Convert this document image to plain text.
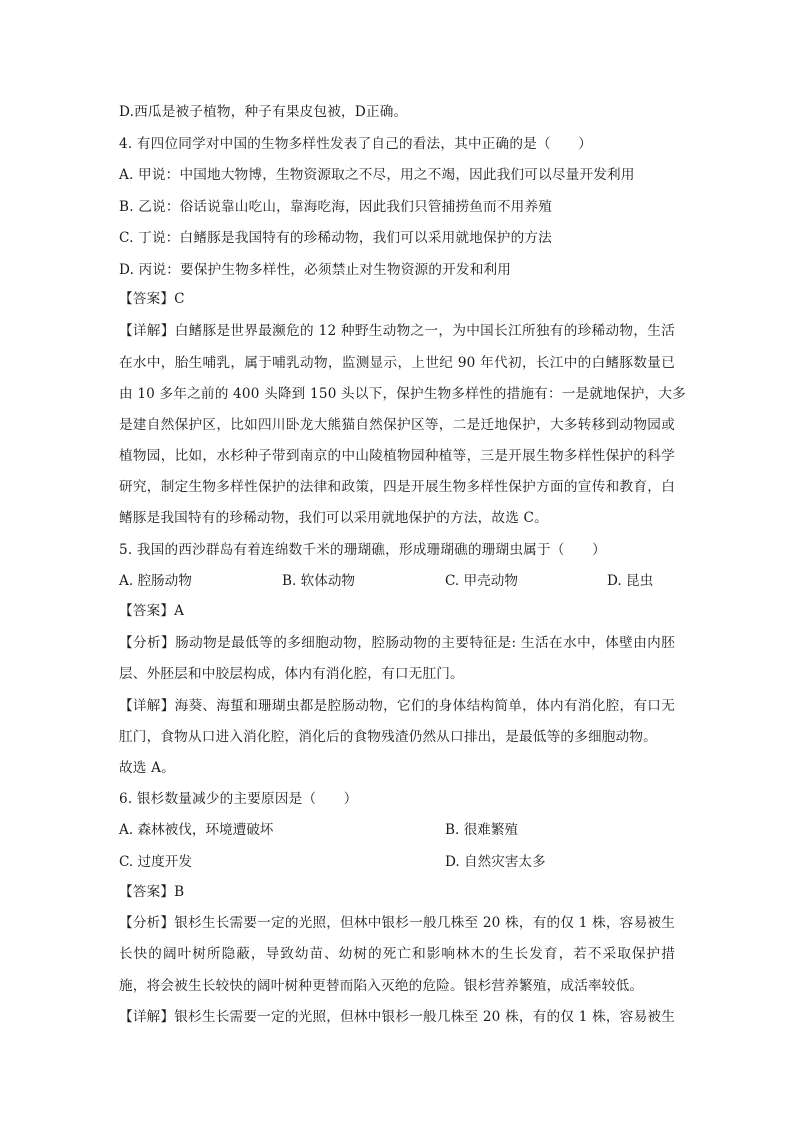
D.西瓜是被子植物，种子有果皮包被，D正确。
4. 有四位同学对中国的生物多样性发表了自己的看法，其中正确的是（　　）
A. 甲说：中国地大物博，生物资源取之不尽，用之不竭，因此我们可以尽量开发利用
B. 乙说：俗话说靠山吃山，靠海吃海，因此我们只管捕捞鱼而不用养殖
C. 丁说：白鳍豚是我国特有的珍稀动物，我们可以采用就地保护的方法
D. 丙说：要保护生物多样性，必须禁止对生物资源的开发和利用
【答案】C
【详解】白鳍豚是世界最濒危的 12 种野生动物之一，为中国长江所独有的珍稀动物，生活
在水中，胎生哺乳，属于哺乳动物，监测显示，上世纪 90 年代初，长江中的白鳍豚数量已
由 10 多年之前的 400 头降到 150 头以下，保护生物多样性的措施有：一是就地保护，大多
是建自然保护区，比如四川卧龙大熊猫自然保护区等，二是迁地保护，大多转移到动物园或
植物园，比如，水杉种子带到南京的中山陵植物园种植等，三是开展生物多样性保护的科学
研究，制定生物多样性保护的法律和政策，四是开展生物多样性保护方面的宣传和教育，白
鳍豚是我国特有的珍稀动物，我们可以采用就地保护的方法，故选 C。
5. 我国的西沙群岛有着连绵数千米的珊瑚礁，形成珊瑚礁的珊瑚虫属于（　　）
A. 腔肠动物	B. 软体动物	C. 甲壳动物	D. 昆虫
【答案】A
【分析】肠动物是最低等的多细胞动物，腔肠动物的主要特征是: 生活在水中，体壁由内胚
层、外胚层和中胶层构成，体内有消化腔，有口无肛门。
【详解】海葵、海蜇和珊瑚虫都是腔肠动物，它们的身体结构简单，体内有消化腔，有口无
肛门，食物从口进入消化腔，消化后的食物残渣仍然从口排出，是最低等的多细胞动物。
故选 A。
6. 银杉数量减少的主要原因是（　　）
A. 森林被伐，环境遭破坏	B. 很难繁殖
C. 过度开发	D. 自然灾害太多
【答案】B
【分析】银杉生长需要一定的光照，但林中银杉一般几株至 20 株，有的仅 1 株，容易被生
长快的阔叶树所隐蔽，导致幼苗、幼树的死亡和影响林木的生长发育，若不采取保护措
施，将会被生长较快的阔叶树种更替而陷入灭绝的危险。银杉营养繁殖，成活率较低。
【详解】银杉生长需要一定的光照，但林中银杉一般几株至 20 株，有的仅 1 株，容易被生
